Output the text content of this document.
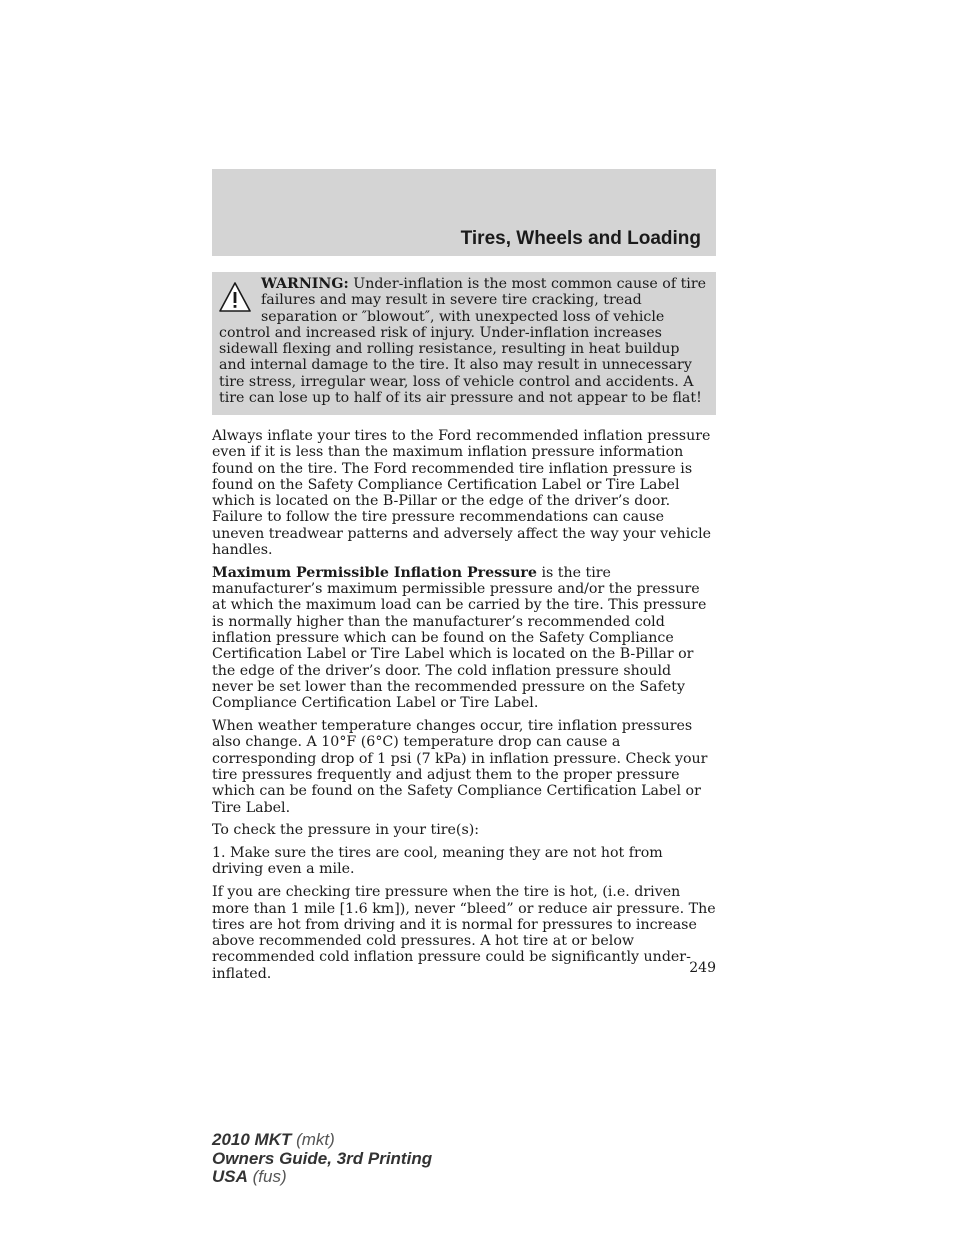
Tires, Wheels and Loading
WARNING: Under-inflation is the most common cause of tire failures and may result in severe tire cracking, tread separation or ″blowout″, with unexpected loss of vehicle control and increased risk of injury. Under-inflation increases sidewall flexing and rolling resistance, resulting in heat buildup and internal damage to the tire. It also may result in unnecessary tire stress, irregular wear, loss of vehicle control and accidents. A tire can lose up to half of its air pressure and not appear to be flat!

Always inflate your tires to the Ford recommended inflation pressure even if it is less than the maximum inflation pressure information found on the tire. The Ford recommended tire inflation pressure is found on the Safety Compliance Certification Label or Tire Label which is located on the B-Pillar or the edge of the driver’s door. Failure to follow the tire pressure recommendations can cause uneven treadwear patterns and adversely affect the way your vehicle handles.

Maximum Permissible Inflation Pressure is the tire manufacturer’s maximum permissible pressure and/or the pressure at which the maximum load can be carried by the tire. This pressure is normally higher than the manufacturer’s recommended cold inflation pressure which can be found on the Safety Compliance Certification Label or Tire Label which is located on the B-Pillar or the edge of the driver’s door. The cold inflation pressure should never be set lower than the recommended pressure on the Safety Compliance Certification Label or Tire Label.

When weather temperature changes occur, tire inflation pressures also change. A 10°F (6°C) temperature drop can cause a corresponding drop of 1 psi (7 kPa) in inflation pressure. Check your tire pressures frequently and adjust them to the proper pressure which can be found on the Safety Compliance Certification Label or Tire Label.

To check the pressure in your tire(s):

1. Make sure the tires are cool, meaning they are not hot from driving even a mile.

If you are checking tire pressure when the tire is hot, (i.e. driven more than 1 mile [1.6 km]), never “bleed” or reduce air pressure. The tires are hot from driving and it is normal for pressures to increase above recommended cold pressures. A hot tire at or below recommended cold inflation pressure could be significantly under-inflated.	249
2010 MKT (mkt)
Owners Guide, 3rd Printing
USA (fus)
